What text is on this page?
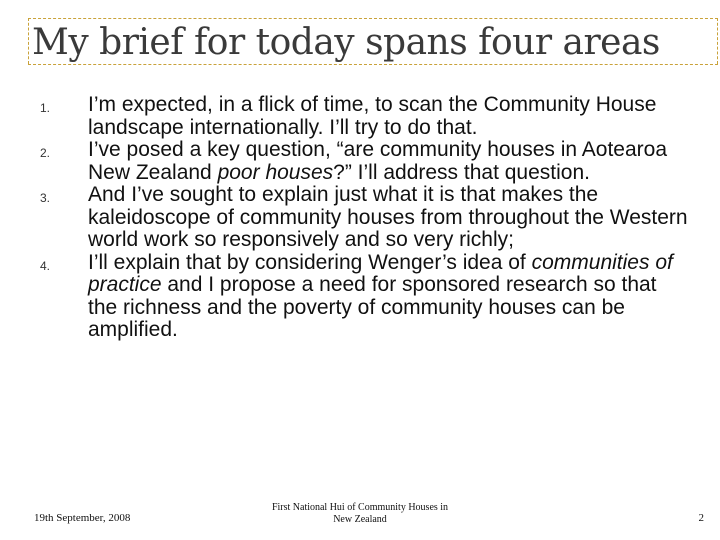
My brief for today spans four areas
1. I’m expected, in a flick of time, to scan the Community House landscape internationally. I’ll try to do that.
2. I’ve posed a key question, “are community houses in Aotearoa New Zealand poor houses?” I’ll address that question.
3. And I’ve sought to explain just what it is that makes the kaleidoscope of community houses from throughout the Western world work so responsively and so very richly;
4. I’ll explain that by considering Wenger’s idea of communities of practice and I propose a need for sponsored research so that the richness and the poverty of community houses can be amplified.
19th September, 2008
First National Hui of Community Houses in
New Zealand	2
